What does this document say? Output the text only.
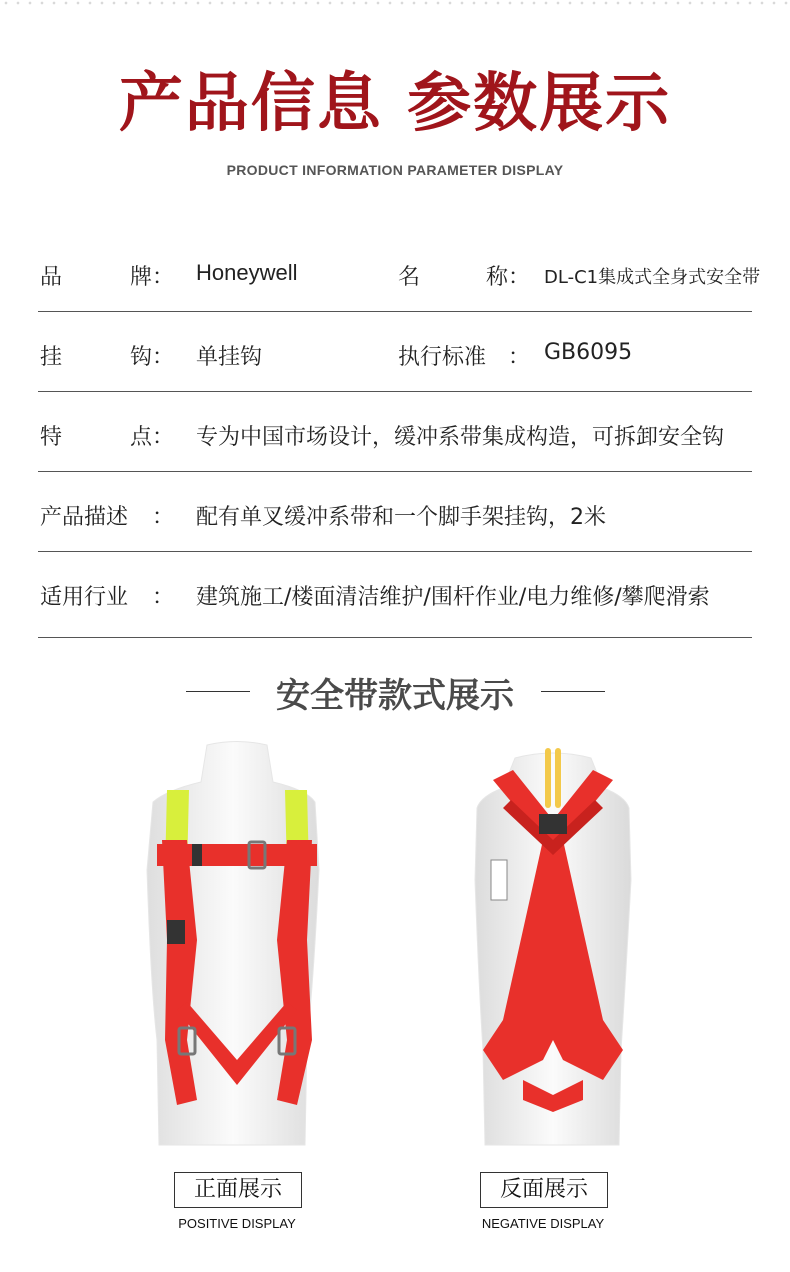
产品信息 参数展示
PRODUCT INFORMATION PARAMETER DISPLAY
品	牌 ： Honeywell	名	称 ： DL-C1集成式全身式安全带
挂	钩 ： 单挂钩	执行标准 ： GB6095
特	点 ： 专为中国市场设计，缓冲系带集成构造，可拆卸安全钩
产品描述	： 配有单叉缓冲系带和一个脚手架挂钩，2米
适用行业	： 建筑施工/楼面清洁维护/围杆作业/电力维修/攀爬滑索
安全带款式展示
正面展示
POSITIVE DISPLAY
反面展示
NEGATIVE DISPLAY
